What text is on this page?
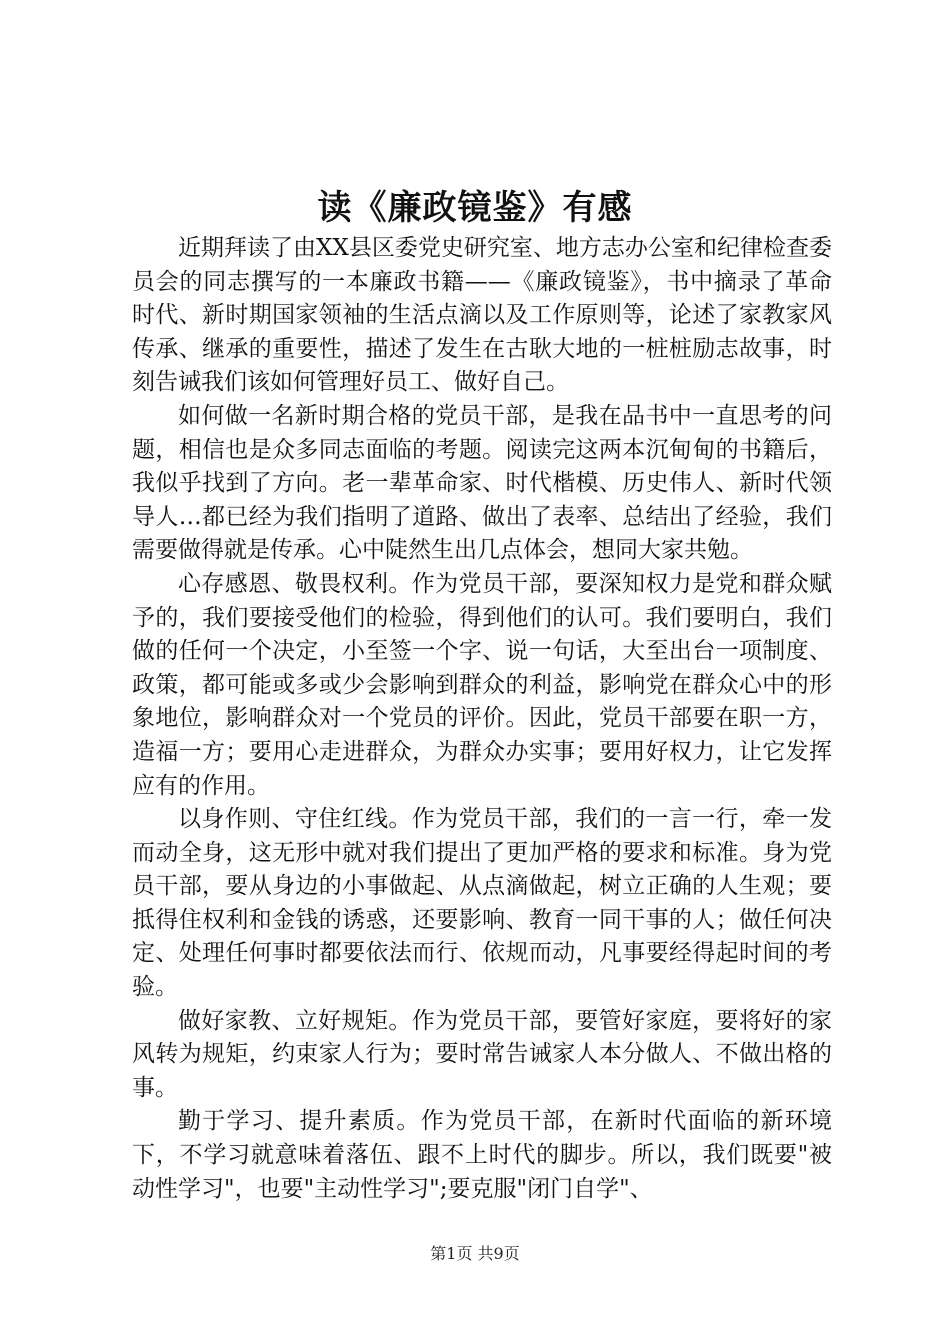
读《廉政镜鉴》有感

近期拜读了由XX县区委党史研究室、地方志办公室和纪律检查委员会的同志撰写的一本廉政书籍——《廉政镜鉴》，书中摘录了革命时代、新时期国家领袖的生活点滴以及工作原则等，论述了家教家风传承、继承的重要性，描述了发生在古耿大地的一桩桩励志故事，时刻告诫我们该如何管理好员工、做好自己。

如何做一名新时期合格的党员干部，是我在品书中一直思考的问题，相信也是众多同志面临的考题。阅读完这两本沉甸甸的书籍后，我似乎找到了方向。老一辈革命家、时代楷模、历史伟人、新时代领导人…都已经为我们指明了道路、做出了表率、总结出了经验，我们需要做得就是传承。心中陡然生出几点体会，想同大家共勉。

心存感恩、敬畏权利。作为党员干部，要深知权力是党和群众赋予的，我们要接受他们的检验，得到他们的认可。我们要明白，我们做的任何一个决定，小至签一个字、说一句话，大至出台一项制度、政策，都可能或多或少会影响到群众的利益，影响党在群众心中的形象地位，影响群众对一个党员的评价。因此，党员干部要在职一方，造福一方；要用心走进群众，为群众办实事；要用好权力，让它发挥应有的作用。

以身作则、守住红线。作为党员干部，我们的一言一行，牵一发而动全身，这无形中就对我们提出了更加严格的要求和标准。身为党员干部，要从身边的小事做起、从点滴做起，树立正确的人生观；要抵得住权利和金钱的诱惑，还要影响、教育一同干事的人；做任何决定、处理任何事时都要依法而行、依规而动，凡事要经得起时间的考验。

做好家教、立好规矩。作为党员干部，要管好家庭，要将好的家风转为规矩，约束家人行为；要时常告诫家人本分做人、不做出格的事。

勤于学习、提升素质。作为党员干部，在新时代面临的新环境下，不学习就意味着落伍、跟不上时代的脚步。所以，我们既要"被动性学习"，也要"主动性学习";要克服"闭门自学"、

第1页 共9页
